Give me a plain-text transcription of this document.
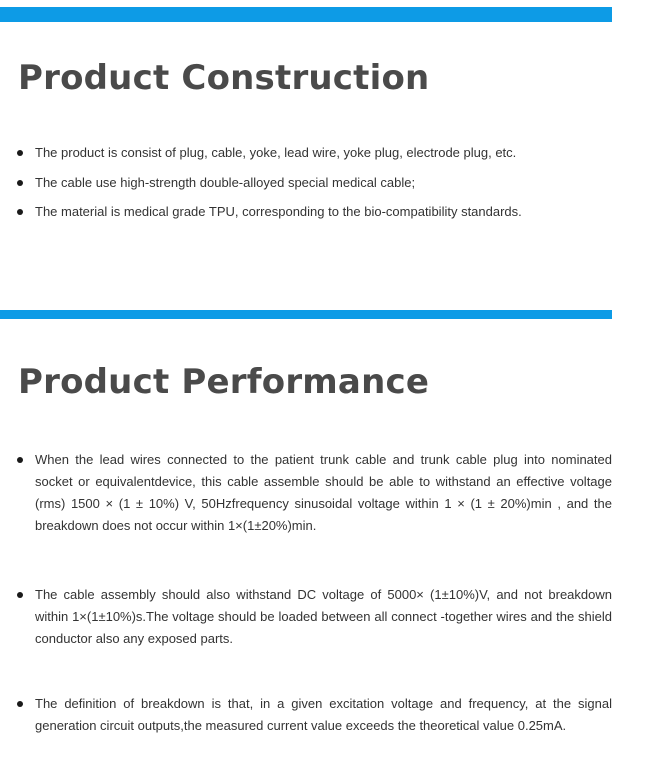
Product Construction
The product is consist of plug, cable, yoke, lead wire, yoke plug, electrode plug, etc.
The cable use high-strength double-alloyed special medical cable;
The material is medical grade TPU, corresponding to the bio-compatibility standards.
Product Performance
When the lead wires connected to the patient trunk cable and trunk cable plug into nominated socket or equivalentdevice, this cable assemble should be able to withstand an effective voltage (rms) 1500 × (1 ± 10%) V, 50Hzfrequency sinusoidal voltage within 1 × (1 ± 20%)min , and the breakdown does not occur within 1×(1±20%)min.
The cable assembly should also withstand DC voltage of 5000× (1±10%)V, and not breakdown within 1×(1±10%)s.The voltage should be loaded between all connect -together wires and the shield conductor also any exposed parts.
The definition of breakdown is that, in a given excitation voltage and frequency, at the signal generation circuit outputs,the measured current value exceeds the theoretical value 0.25mA.
